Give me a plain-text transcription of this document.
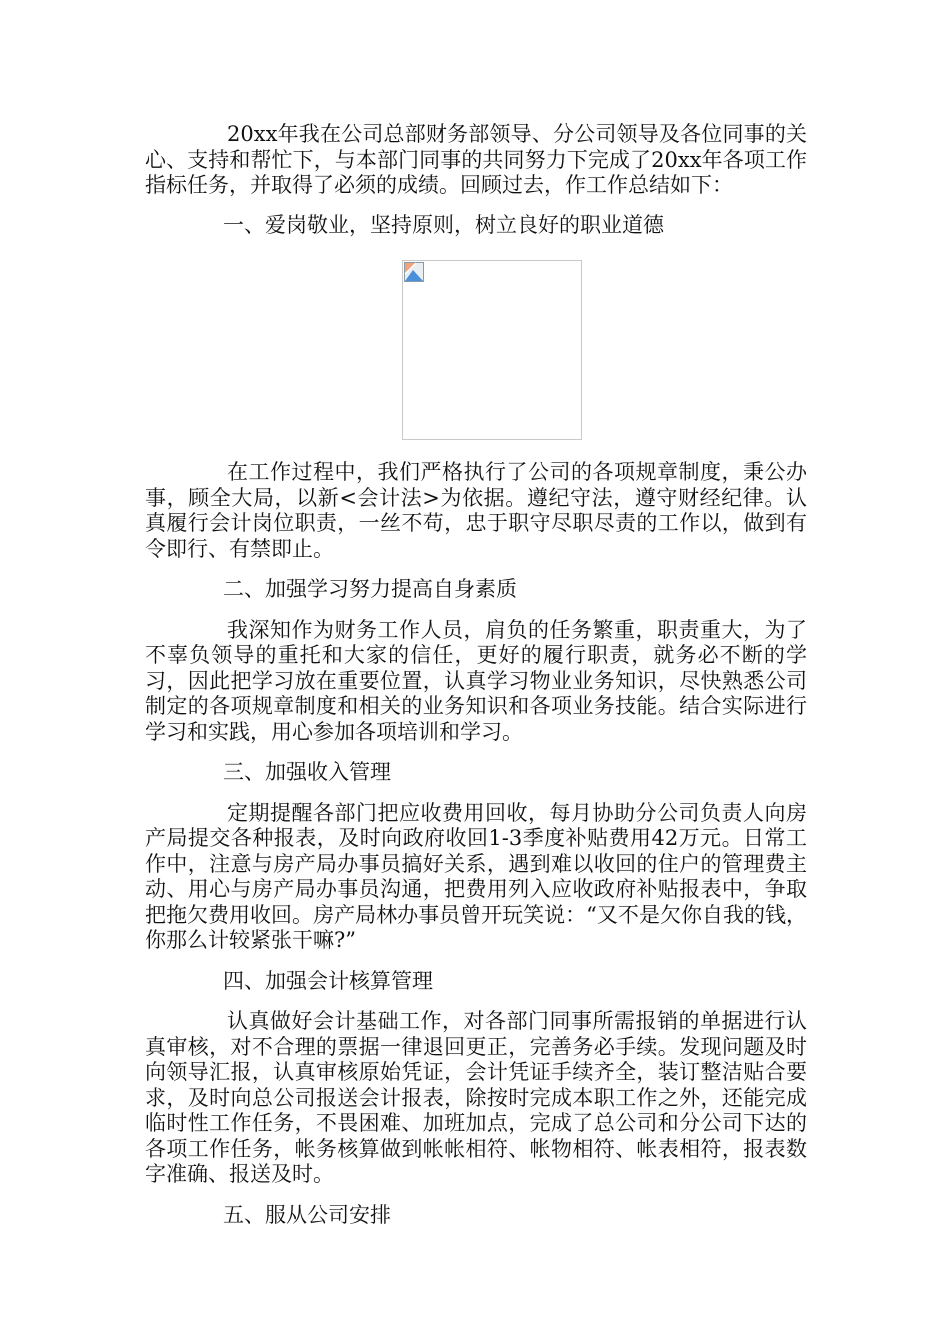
20xx年我在公司总部财务部领导、分公司领导及各位同事的关心、支持和帮忙下，与本部门同事的共同努力下完成了20xx年各项工作指标任务，并取得了必须的成绩。回顾过去，作工作总结如下：

一、爱岗敬业，坚持原则，树立良好的职业道德

在工作过程中，我们严格执行了公司的各项规章制度，秉公办事，顾全大局，以新<会计法>为依据。遵纪守法，遵守财经纪律。认真履行会计岗位职责，一丝不苟，忠于职守尽职尽责的工作以，做到有令即行、有禁即止。

二、加强学习努力提高自身素质

我深知作为财务工作人员，肩负的任务繁重，职责重大，为了不辜负领导的重托和大家的信任，更好的履行职责，就务必不断的学习，因此把学习放在重要位置，认真学习物业业务知识，尽快熟悉公司制定的各项规章制度和相关的业务知识和各项业务技能。结合实际进行学习和实践，用心参加各项培训和学习。

三、加强收入管理

定期提醒各部门把应收费用回收，每月协助分公司负责人向房产局提交各种报表，及时向政府收回1-3季度补贴费用42万元。日常工作中，注意与房产局办事员搞好关系，遇到难以收回的住户的管理费主动、用心与房产局办事员沟通，把费用列入应收政府补贴报表中，争取把拖欠费用收回。房产局林办事员曾开玩笑说：“又不是欠你自我的钱，你那么计较紧张干嘛?”

四、加强会计核算管理

认真做好会计基础工作，对各部门同事所需报销的单据进行认真审核，对不合理的票据一律退回更正，完善务必手续。发现问题及时向领导汇报，认真审核原始凭证，会计凭证手续齐全，装订整洁贴合要求，及时向总公司报送会计报表，除按时完成本职工作之外，还能完成临时性工作任务，不畏困难、加班加点，完成了总公司和分公司下达的各项工作任务，帐务核算做到帐帐相符、帐物相符、帐表相符，报表数字准确、报送及时。

五、服从公司安排
